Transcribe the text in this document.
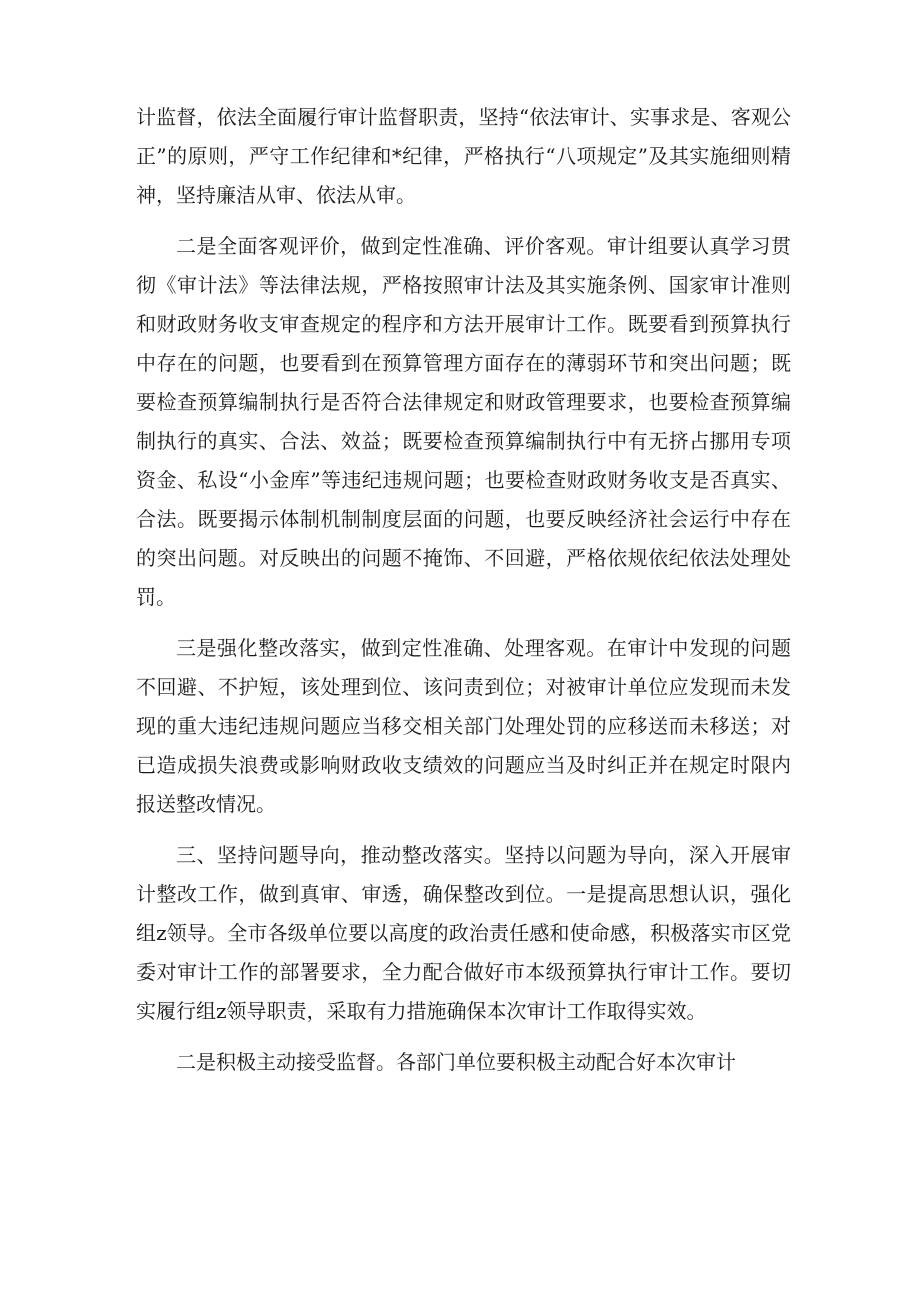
计监督，依法全面履行审计监督职责，坚持“依法审计、实事求是、客观公正”的原则，严守工作纪律和*纪律，严格执行“八项规定”及其实施细则精神，坚持廉洁从审、依法从审。

二是全面客观评价，做到定性准确、评价客观。审计组要认真学习贯彻《审计法》等法律法规，严格按照审计法及其实施条例、国家审计准则和财政财务收支审查规定的程序和方法开展审计工作。既要看到预算执行中存在的问题，也要看到在预算管理方面存在的薄弱环节和突出问题；既要检查预算编制执行是否符合法律规定和财政管理要求，也要检查预算编制执行的真实、合法、效益；既要检查预算编制执行中有无挤占挪用专项资金、私设“小金库”等违纪违规问题；也要检查财政财务收支是否真实、合法。既要揭示体制机制制度层面的问题，也要反映经济社会运行中存在的突出问题。对反映出的问题不掩饰、不回避，严格依规依纪依法处理处罚。

三是强化整改落实，做到定性准确、处理客观。在审计中发现的问题不回避、不护短，该处理到位、该问责到位；对被审计单位应发现而未发现的重大违纪违规问题应当移交相关部门处理处罚的应移送而未移送；对已造成损失浪费或影响财政收支绩效的问题应当及时纠正并在规定时限内报送整改情况。

三、坚持问题导向，推动整改落实。坚持以问题为导向，深入开展审计整改工作，做到真审、审透，确保整改到位。一是提高思想认识，强化组z领导。全市各级单位要以高度的政治责任感和使命感，积极落实市区党委对审计工作的部署要求，全力配合做好市本级预算执行审计工作。要切实履行组z领导职责，采取有力措施确保本次审计工作取得实效。

二是积极主动接受监督。各部门单位要积极主动配合好本次审计
